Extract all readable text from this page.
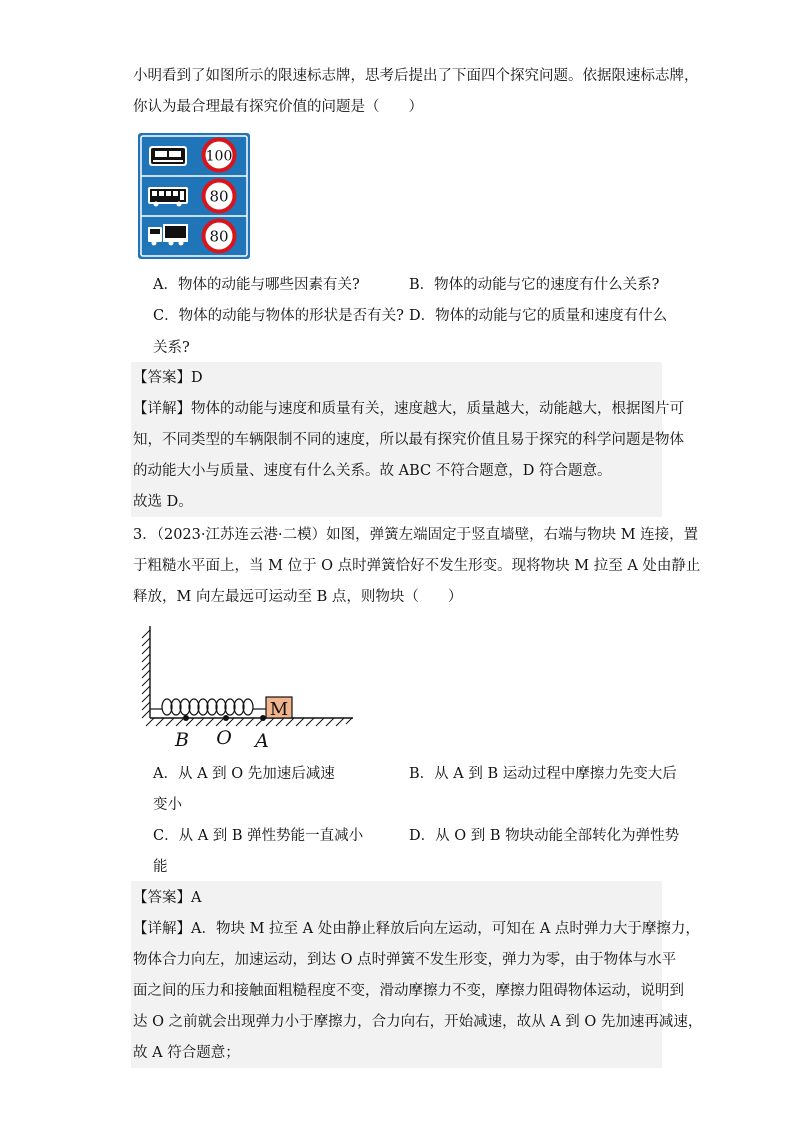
小明看到了如图所示的限速标志牌，思考后提出了下面四个探究问题。依据限速标志牌，
你认为最合理最有探究价值的问题是（　　）
100
80
80
A．物体的动能与哪些因素有关?	B．物体的动能与它的速度有什么关系?
C．物体的动能与物体的形状是否有关? D．物体的动能与它的质量和速度有什么
关系?
【答案】D
【详解】物体的动能与速度和质量有关，速度越大，质量越大，动能越大，根据图片可
知，不同类型的车辆限制不同的速度，所以最有探究价值且易于探究的科学问题是物体
的动能大小与质量、速度有什么关系。故 ABC 不符合题意，D 符合题意。
故选 D。
3．（2023·江苏连云港·二模）如图，弹簧左端固定于竖直墙壁，右端与物块 M 连接，置
于粗糙水平面上，当 M 位于 O 点时弹簧恰好不发生形变。现将物块 M 拉至 A 处由静止
释放，M 向左最远可运动至 B 点，则物块（　　）
M
B O A
A．从 A 到 O 先加速后减速	B．从 A 到 B 运动过程中摩擦力先变大后
变小
C．从 A 到 B 弹性势能一直减小	D．从 O 到 B 物块动能全部转化为弹性势
能
【答案】A
【详解】A．物块 M 拉至 A 处由静止释放后向左运动，可知在 A 点时弹力大于摩擦力，
物体合力向左，加速运动，到达 O 点时弹簧不发生形变，弹力为零，由于物体与水平
面之间的压力和接触面粗糙程度不变，滑动摩擦力不变，摩擦力阻碍物体运动，说明到
达 O 之前就会出现弹力小于摩擦力，合力向右，开始减速，故从 A 到 O 先加速再减速，
故 A 符合题意；
